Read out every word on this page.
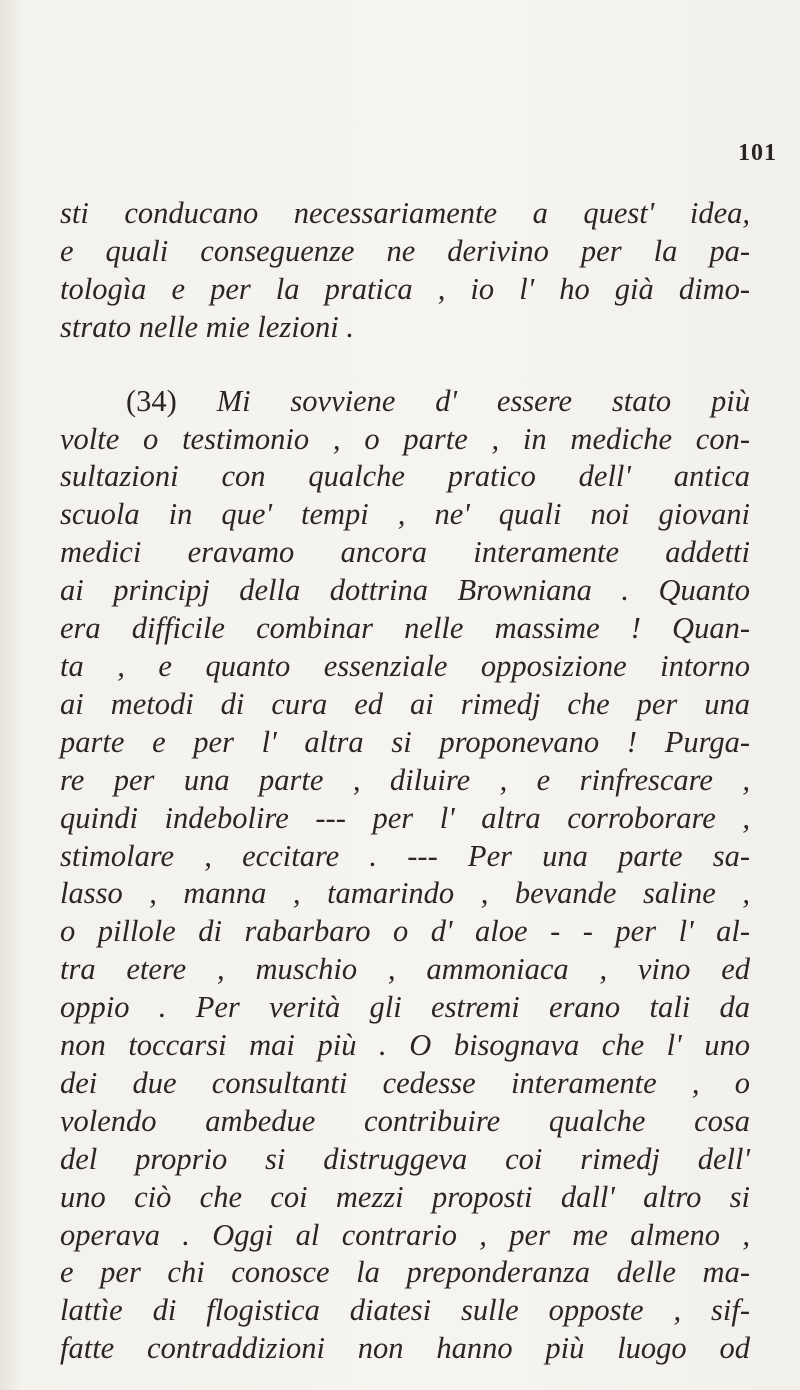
101
sti conducano necessariamente a quest' idea,
e quali conseguenze ne derivino per la pa-
tologìa e per la pratica , io l' ho già dimo-
strato nelle mie lezioni .
(34) Mi sovviene d' essere stato più
volte o testimonio , o parte , in mediche con-
sultazioni con qualche pratico dell' antica
scuola in que' tempi , ne' quali noi giovani
medici eravamo ancora interamente addetti
ai principj della dottrina Browniana . Quanto
era difficile combinar nelle massime ! Quan-
ta , e quanto essenziale opposizione intorno
ai metodi di cura ed ai rimedj che per una
parte e per l' altra si proponevano ! Purga-
re per una parte , diluire , e rinfrescare ,
quindi indebolire --- per l' altra corroborare ,
stimolare , eccitare . --- Per una parte sa-
lasso , manna , tamarindo , bevande saline ,
o pillole di rabarbaro o d' aloe - - per l' al-
tra etere , muschio , ammoniaca , vino ed
oppio . Per verità gli estremi erano tali da
non toccarsi mai più . O bisognava che l' uno
dei due consultanti cedesse interamente , o
volendo ambedue contribuire qualche cosa
del proprio si distruggeva coi rimedj dell'
uno ciò che coi mezzi proposti dall' altro si
operava . Oggi al contrario , per me almeno ,
e per chi conosce la preponderanza delle ma-
lattìe di flogistica diatesi sulle opposte , sif-
fatte contraddizioni non hanno più luogo od
